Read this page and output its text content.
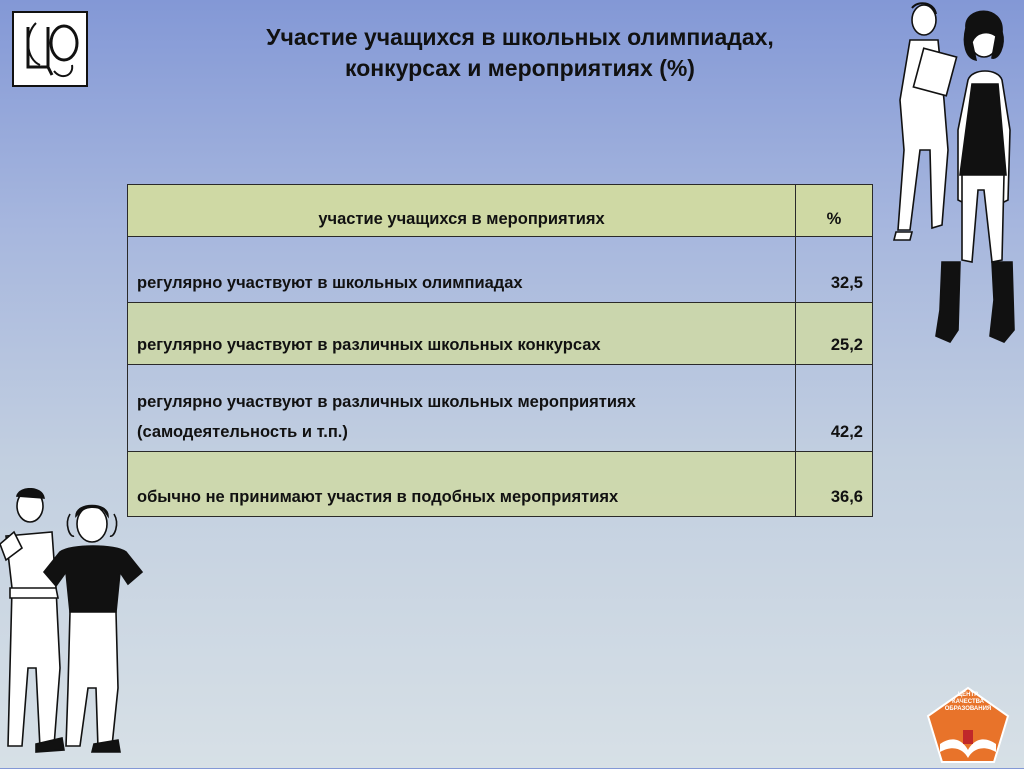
Участие учащихся в школьных олимпиадах,
конкурсах и мероприятиях (%)
участие учащихся в мероприятиях	%
регулярно участвуют в школьных олимпиадах	32,5
регулярно участвуют в различных школьных конкурсах	25,2

регулярно участвуют в различных школьных мероприятиях
(самодеятельность и т.п.)	42,2
обычно не принимают участия в подобных мероприятиях	36,6
ЦЕНТР
КАЧЕСТВА
ОБРАЗОВАНИЯ
